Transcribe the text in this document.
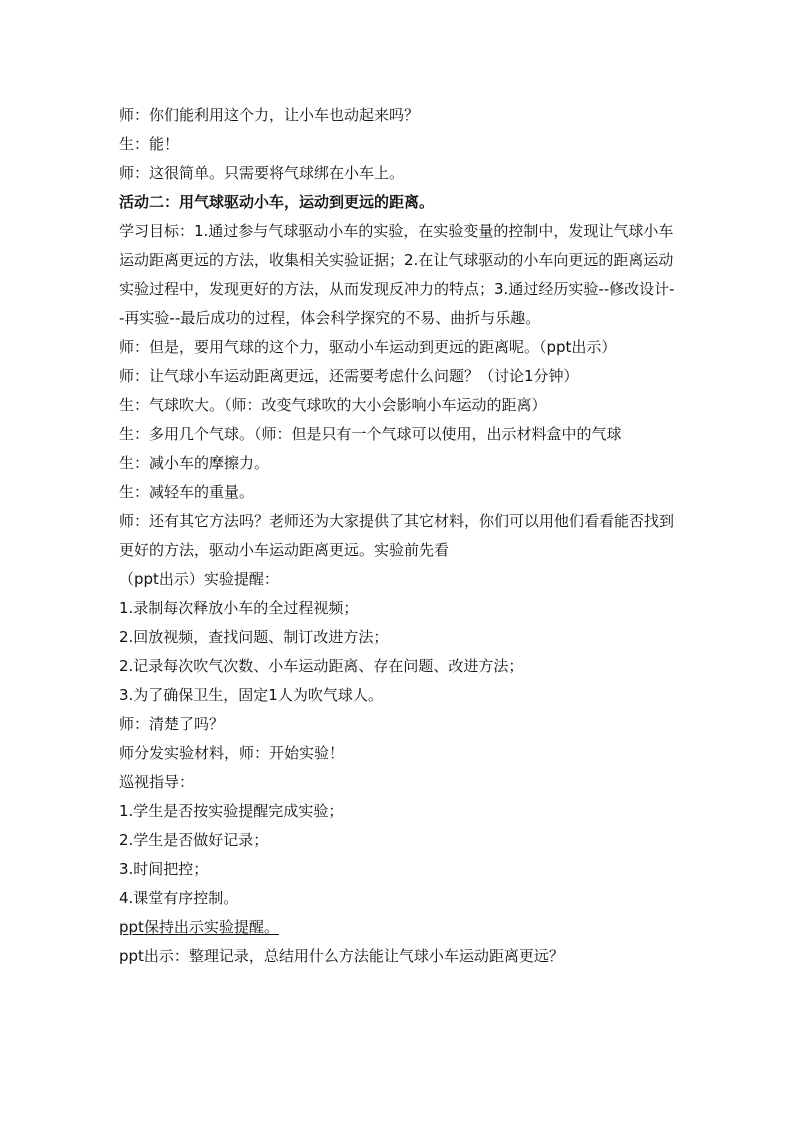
师：你们能利用这个力，让小车也动起来吗？
生：能！
师：这很简单。只需要将气球绑在小车上。
活动二：用气球驱动小车，运动到更远的距离。
学习目标：1.通过参与气球驱动小车的实验，在实验变量的控制中，发现让气球小车运动距离更远的方法，收集相关实验证据；2.在让气球驱动的小车向更远的距离运动实验过程中，发现更好的方法，从而发现反冲力的特点；3.通过经历实验--修改设计--再实验--最后成功的过程，体会科学探究的不易、曲折与乐趣。
师：但是，要用气球的这个力，驱动小车运动到更远的距离呢。（ppt出示）
师：让气球小车运动距离更远，还需要考虑什么问题？（讨论1分钟）
生：气球吹大。（师：改变气球吹的大小会影响小车运动的距离）
生：多用几个气球。（师：但是只有一个气球可以使用，出示材料盒中的气球
生：减小车的摩擦力。
生：减轻车的重量。
师：还有其它方法吗？老师还为大家提供了其它材料，你们可以用他们看看能否找到更好的方法，驱动小车运动距离更远。实验前先看
（ppt出示）实验提醒：
1.录制每次释放小车的全过程视频；
2.回放视频，查找问题、制订改进方法；
2.记录每次吹气次数、小车运动距离、存在问题、改进方法；
3.为了确保卫生，固定1人为吹气球人。
师：清楚了吗？
师分发实验材料，师：开始实验！
巡视指导：
1.学生是否按实验提醒完成实验；
2.学生是否做好记录；
3.时间把控；
4.课堂有序控制。
ppt保持出示实验提醒。
ppt出示：整理记录，总结用什么方法能让气球小车运动距离更远？
